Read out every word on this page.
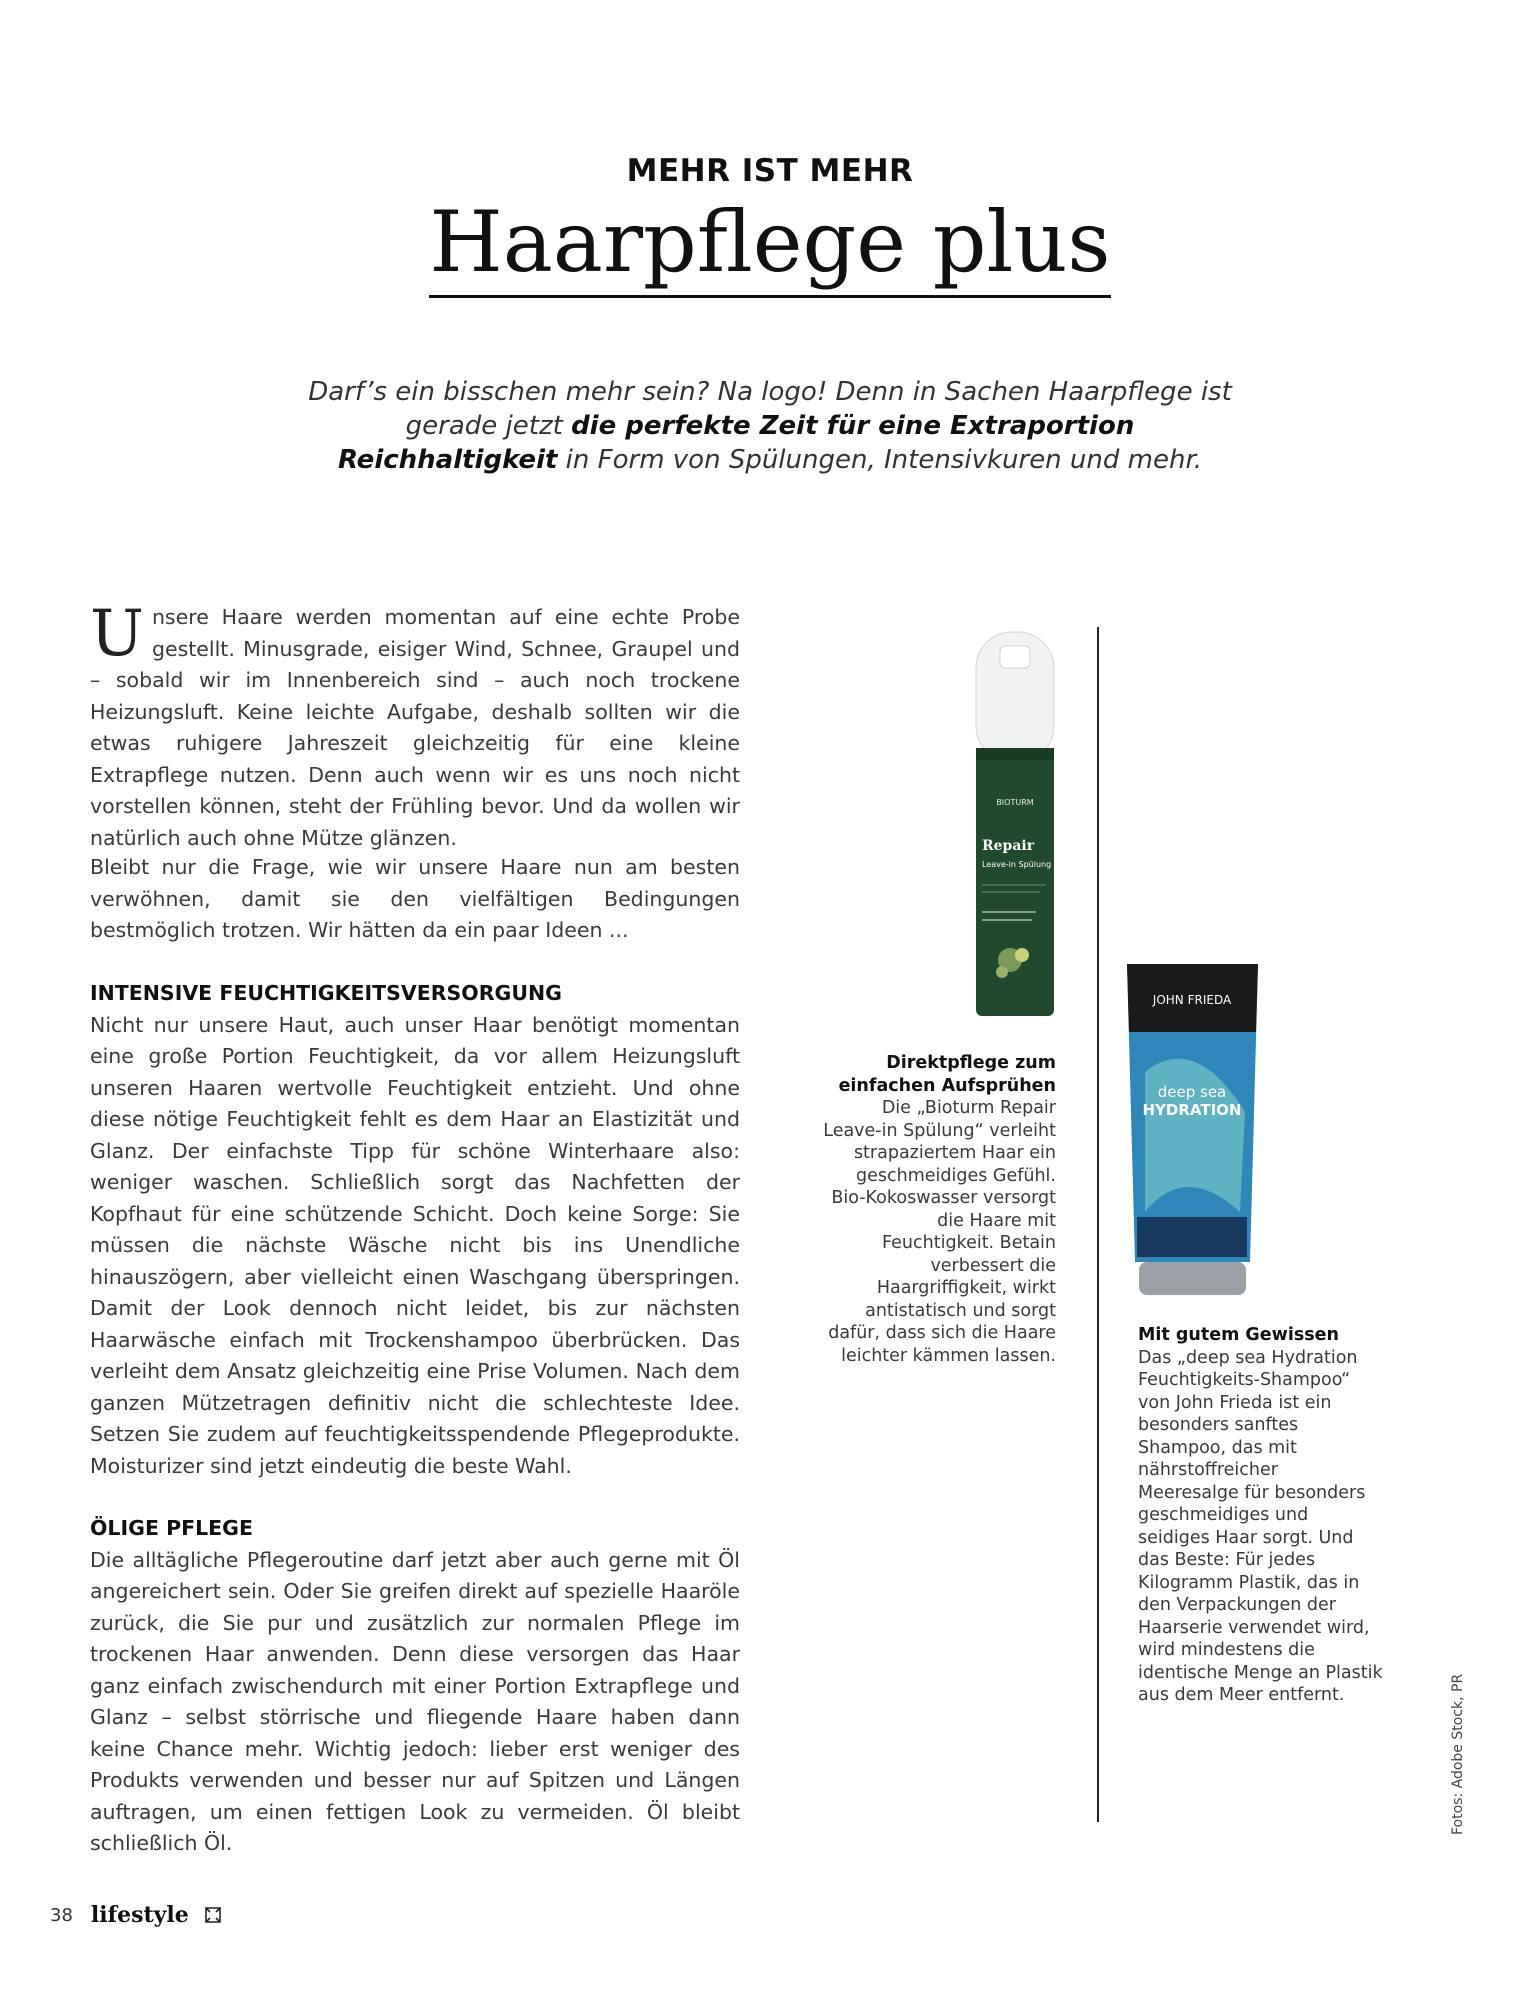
MEHR IST MEHR
Haarpflege plus
Darf’s ein bisschen mehr sein? Na logo! Denn in Sachen Haarpflege ist gerade jetzt die perfekte Zeit für eine Extraportion Reichhaltigkeit in Form von Spülungen, Intensivkuren und mehr.

Unsere Haare werden momentan auf eine echte Probe gestellt. Minusgrade, eisiger Wind, Schnee, Graupel und – sobald wir im Innenbereich sind – auch noch trockene Heizungsluft. Keine leichte Aufgabe, deshalb sollten wir die etwas ruhigere Jahreszeit gleichzeitig für eine kleine Extrapflege nutzen. Denn auch wenn wir es uns noch nicht vorstellen können, steht der Frühling bevor. Und da wollen wir natürlich auch ohne Mütze glänzen.

Bleibt nur die Frage, wie wir unsere Haare nun am besten verwöhnen, damit sie den vielfältigen Bedingungen bestmöglich trotzen. Wir hätten da ein paar Ideen ...

INTENSIVE FEUCHTIGKEITSVERSORGUNG

Nicht nur unsere Haut, auch unser Haar benötigt momentan eine große Portion Feuchtigkeit, da vor allem Heizungsluft unseren Haaren wertvolle Feuchtigkeit entzieht. Und ohne diese nötige Feuchtigkeit fehlt es dem Haar an Elastizität und Glanz. Der einfachste Tipp für schöne Winterhaare also: weniger waschen. Schließlich sorgt das Nachfetten der Kopfhaut für eine schützende Schicht. Doch keine Sorge: Sie müssen die nächste Wäsche nicht bis ins Unendliche hinauszögern, aber vielleicht einen Waschgang überspringen. Damit der Look dennoch nicht leidet, bis zur nächsten Haarwäsche einfach mit Trockenshampoo überbrücken. Das verleiht dem Ansatz gleichzeitig eine Prise Volumen. Nach dem ganzen Mützetragen definitiv nicht die schlechteste Idee. Setzen Sie zudem auf feuchtigkeitsspendende Pflegeprodukte. Moisturizer sind jetzt eindeutig die beste Wahl.

ÖLIGE PFLEGE

Die alltägliche Pflegeroutine darf jetzt aber auch gerne mit Öl angereichert sein. Oder Sie greifen direkt auf spezielle Haaröle zurück, die Sie pur und zusätzlich zur normalen Pflege im trockenen Haar anwenden. Denn diese versorgen das Haar ganz einfach zwischendurch mit einer Portion Extrapflege und Glanz – selbst störrische und fliegende Haare haben dann keine Chance mehr. Wichtig jedoch: lieber erst weniger des Produkts verwenden und besser nur auf Spitzen und Längen auftragen, um einen fettigen Look zu vermeiden. Öl bleibt schließlich Öl.

BIOTURM
Repair
Leave-in Spülung
JOHN FRIEDA
deep sea
HYDRATION
Direktpflege zum einfachen Aufsprühen
Die „Bioturm Repair Leave-in Spülung“ verleiht strapaziertem Haar ein geschmeidiges Gefühl. Bio-Kokoswasser versorgt die Haare mit Feuchtigkeit. Betain verbessert die Haargriffigkeit, wirkt antistatisch und sorgt dafür, dass sich die Haare leichter kämmen lassen.
Mit gutem Gewissen
Das „deep sea Hydration Feuchtigkeits-Shampoo“ von John Frieda ist ein besonders sanftes Shampoo, das mit nährstoffreicher Meeresalge für besonders geschmeidiges und seidiges Haar sorgt. Und das Beste: Für jedes Kilogramm Plastik, das in den Verpackungen der Haarserie verwendet wird, wird mindestens die identische Menge an Plastik aus dem Meer entfernt.	Fotos: Adobe Stock, PR
38 lifestyle
